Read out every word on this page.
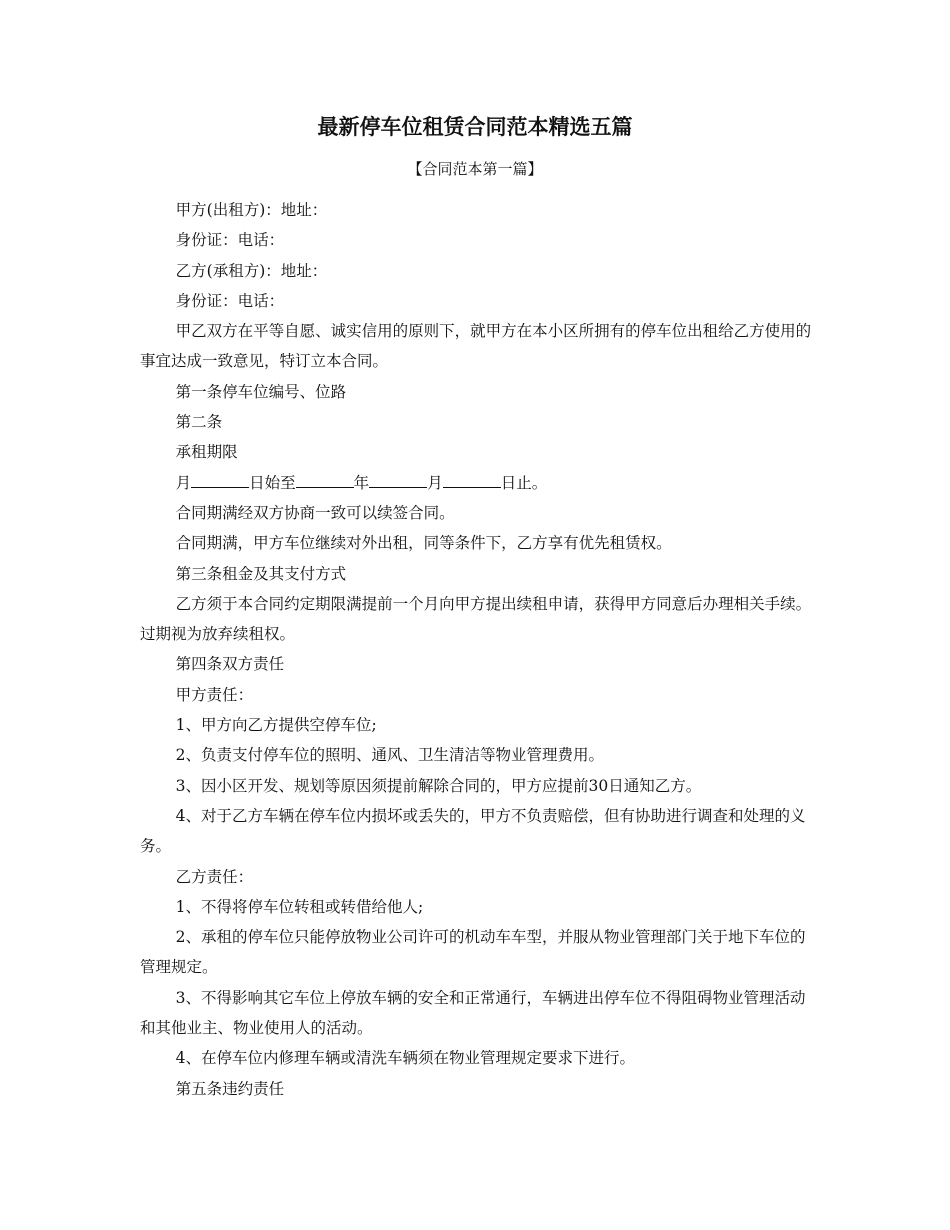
最新停车位租赁合同范本精选五篇
【合同范本第一篇】

甲方(出租方)：地址：

身份证：电话：

乙方(承租方)：地址：

身份证：电话：

甲乙双方在平等自愿、诚实信用的原则下，就甲方在本小区所拥有的停车位出租给乙方使用的事宜达成一致意见，特订立本合同。

第一条停车位编号、位路

第二条

承租期限

月	日始至	年	月	日止。

合同期满经双方协商一致可以续签合同。

合同期满，甲方车位继续对外出租，同等条件下，乙方享有优先租赁权。

第三条租金及其支付方式

乙方须于本合同约定期限满提前一个月向甲方提出续租申请，获得甲方同意后办理相关手续。过期视为放弃续租权。

第四条双方责任

甲方责任：

1、甲方向乙方提供空停车位;

2、负责支付停车位的照明、通风、卫生清洁等物业管理费用。

3、因小区开发、规划等原因须提前解除合同的，甲方应提前30日通知乙方。

4、对于乙方车辆在停车位内损坏或丢失的，甲方不负责赔偿，但有协助进行调查和处理的义务。

乙方责任：

1、不得将停车位转租或转借给他人;

2、承租的停车位只能停放物业公司许可的机动车车型，并服从物业管理部门关于地下车位的管理规定。

3、不得影响其它车位上停放车辆的安全和正常通行，车辆进出停车位不得阻碍物业管理活动和其他业主、物业使用人的活动。

4、在停车位内修理车辆或清洗车辆须在物业管理规定要求下进行。

第五条违约责任
